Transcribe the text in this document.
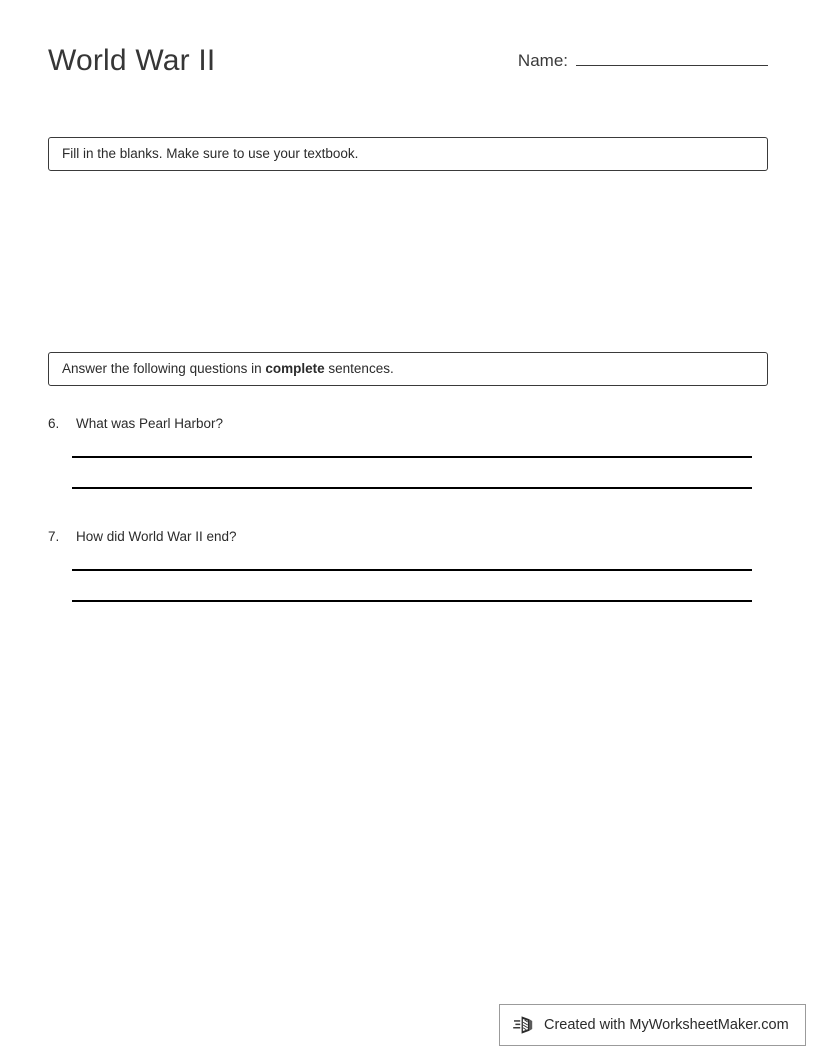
World War II	Name:
Fill in the blanks. Make sure to use your textbook.
Answer the following questions in complete sentences.
6.	What was Pearl Harbor?
7.	How did World War II end?
Created with MyWorksheetMaker.com
